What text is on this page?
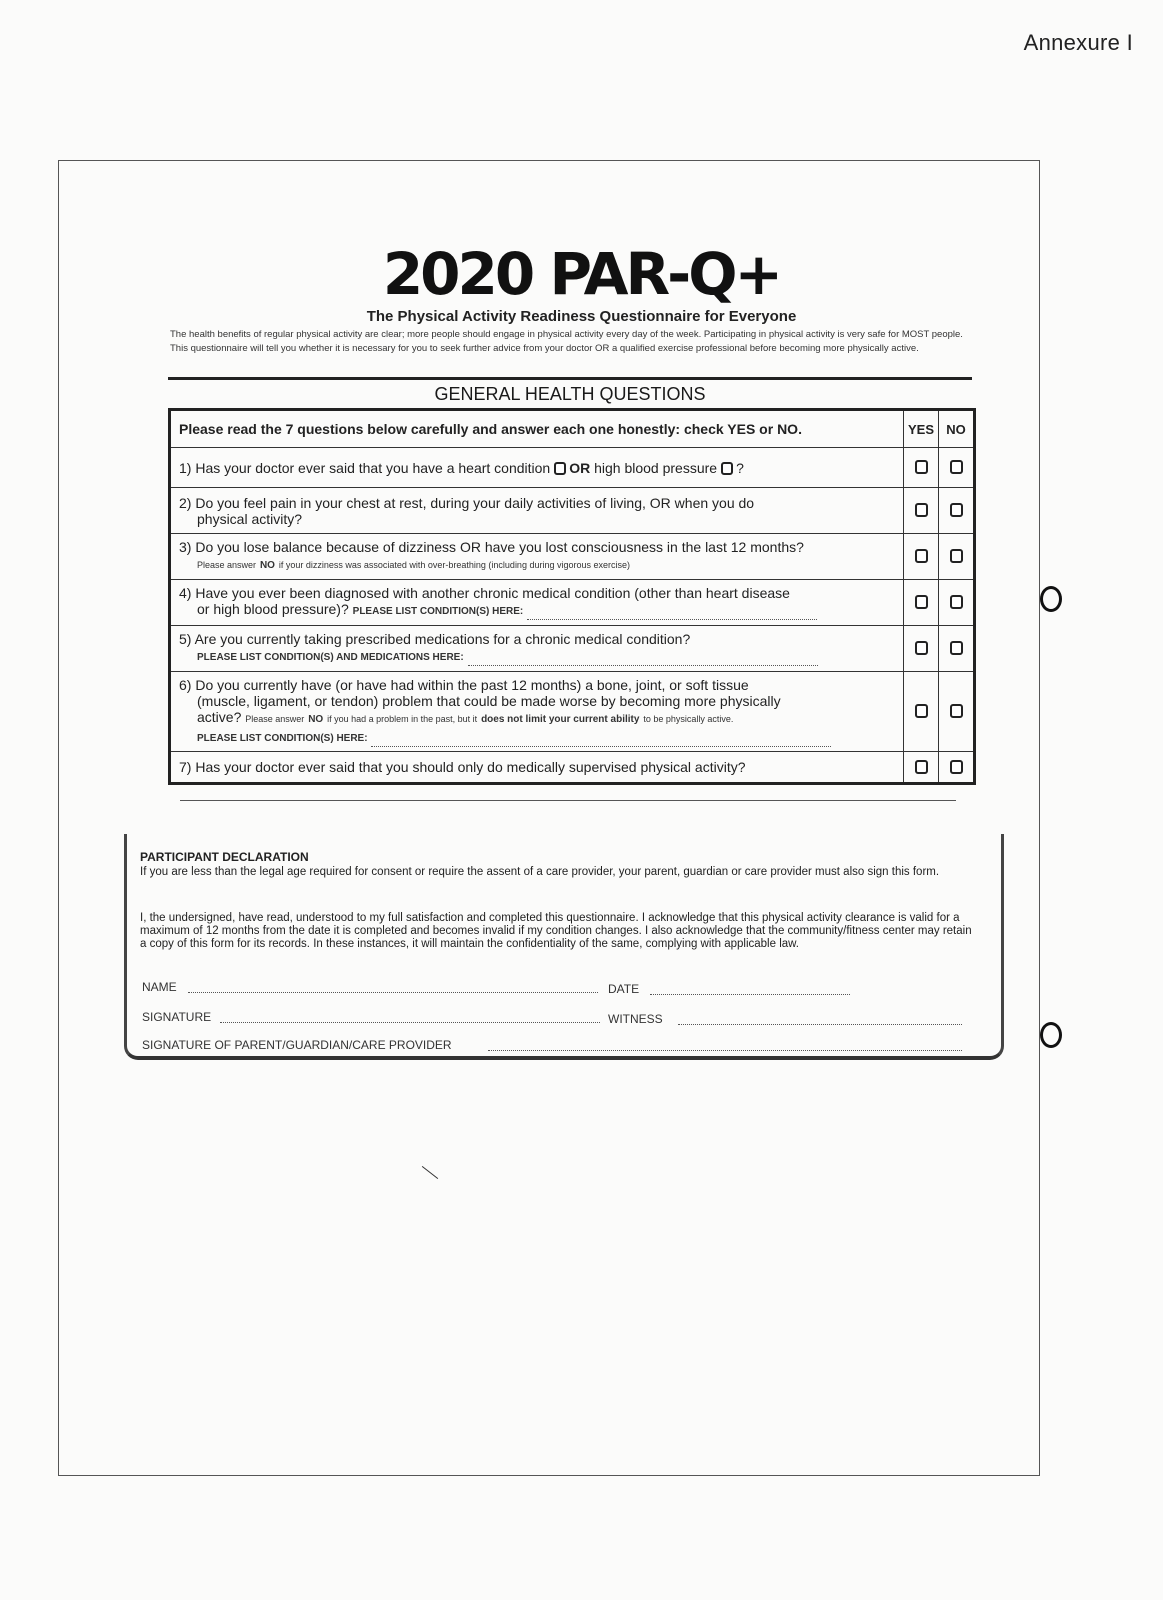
Annexure I
2020 PAR-Q+
The Physical Activity Readiness Questionnaire for Everyone
The health benefits of regular physical activity are clear; more people should engage in physical activity every day of the week. Participating in physical activity is very safe for MOST people. This questionnaire will tell you whether it is necessary for you to seek further advice from your doctor OR a qualified exercise professional before becoming more physically active.
GENERAL HEALTH QUESTIONS
Please read the 7 questions below carefully and answer each one honestly: check YES or NO.	YES	NO
1) Has your doctor ever said that you have a heart condition OR high blood pressure ?		
2) Do you feel pain in your chest at rest, during your daily activities of living, OR when you do
physical activity?		

3) Do you lose balance because of dizziness OR have you lost consciousness in the last 12 months?

Please answer NO if your dizziness was associated with over-breathing (including during vigorous exercise)		

4) Have you ever been diagnosed with another chronic medical condition (other than heart disease
or high blood pressure)? PLEASE LIST CONDITION(S) HERE:		

5) Are you currently taking prescribed medications for a chronic medical condition?
PLEASE LIST CONDITION(S) AND MEDICATIONS HERE:		

6) Do you currently have (or have had within the past 12 months) a bone, joint, or soft tissue
(muscle, ligament, or tendon) problem that could be made worse by becoming more physically
active? Please answer NO if you had a problem in the past, but it does not limit your current ability to be physically active.
PLEASE LIST CONDITION(S) HERE:		

7) Has your doctor ever said that you should only do medically supervised physical activity?		
PARTICIPANT DECLARATION
If you are less than the legal age required for consent or require the assent of a care provider, your parent, guardian or care provider must also sign this form.
I, the undersigned, have read, understood to my full satisfaction and completed this questionnaire. I acknowledge that this physical activity clearance is valid for a maximum of 12 months from the date it is completed and becomes invalid if my condition changes. I also acknowledge that the community/fitness center may retain a copy of this form for its records. In these instances, it will maintain the confidentiality of the same, complying with applicable law.
NAME	DATE
SIGNATURE	WITNESS
SIGNATURE OF PARENT/GUARDIAN/CARE PROVIDER
